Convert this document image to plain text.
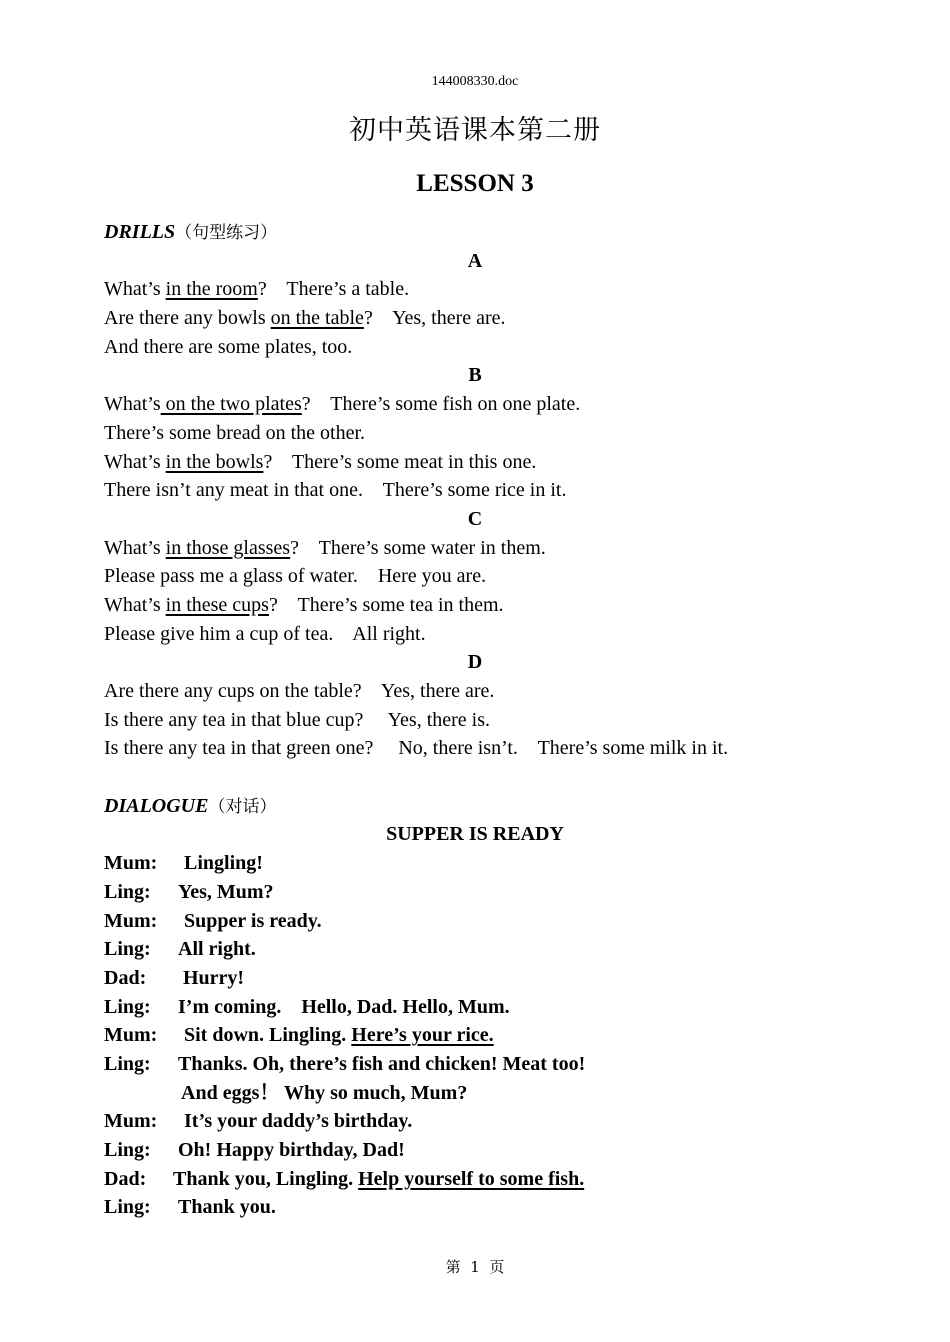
144008330.doc
初中英语课本第二册
LESSON 3
DRILLS（句型练习）
A
What’s in the room?    There’s a table.
Are there any bowls on the table?    Yes, there are.
And there are some plates, too.
B
What’s on the two plates?    There’s some fish on one plate.
There’s some bread on the other.
What’s in the bowls?    There’s some meat in this one.
There isn’t any meat in that one.    There’s some rice in it.
C
What’s in those glasses?    There’s some water in them.
Please pass me a glass of water.    Here you are.
What’s in these cups?    There’s some tea in them.
Please give him a cup of tea.    All right.
D
Are there any cups on the table?    Yes, there are.
Is there any tea in that blue cup?     Yes, there is.
Is there any tea in that green one?     No, there isn’t.    There’s some milk in it.
DIALOGUE（对话）
SUPPER IS READY
Mum: Lingling!
Ling: Yes, Mum?
Mum: Supper is ready.
Ling: All right.
Dad: Hurry!
Ling: I’m coming.    Hello, Dad. Hello, Mum.
Mum: Sit down. Lingling. Here’s your rice.
Ling: Thanks. Oh, there’s fish and chicken! Meat too!
And eggs！ Why so much, Mum?
Mum: It’s your daddy’s birthday.
Ling: Oh! Happy birthday, Dad!
Dad: Thank you, Lingling. Help yourself to some fish.
Ling: Thank you.
第 1 页
